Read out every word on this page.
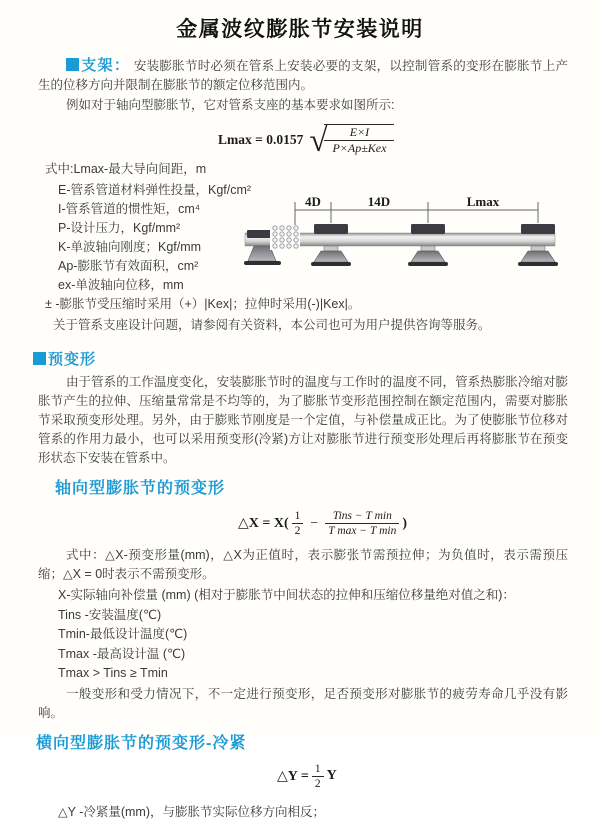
金属波纹膨胀节安装说明

支架： 安装膨胀节时必须在管系上安装必要的支架，以控制管系的变形在膨胀节上产生的位移方向并限制在膨胀节的额定位移范围内。

例如对于轴向型膨胀节，它对管系支座的基本要求如图所示:

Lmax = 0.0157 √
$\frac{E\times I}{\text{P×Ap±Kex}}$
式中:Lmax-最大导向间距，m
E-管系管道材料弹性投量，Kgf/cm²
I-管系管道的惯性矩，cm⁴
P-设计压力，Kgf/mm²
K-单波轴向刚度；Kgf/mm
Ap-膨胀节有效面积，cm²
ex-单波轴向位移，mm
± -膨胀节受压缩时采用（+）|Kex|；拉伸时采用(-)|Kex|。

关于管系支座设计问题，请参阅有关资料，本公司也可为用户提供咨询等服务。

4D	14D	Lmax
预变形

由于管系的工作温度变化，安装膨胀节时的温度与工作时的温度不同，管系热膨胀冷缩对膨胀节产生的拉伸、压缩量常常是不均等的，为了膨胀节变形范围控制在额定范围内，需要对膨胀节采取预变形处理。另外，由于膨账节刚度是一个定值，与补偿量成正比。为了使膨胀节位移对管系的作用力最小，也可以采用预变形(冷紧)方让对膨胀节进行预变形处理后再将膨胀节在预变形状态下安装在管系中。

轴向型膨胀节的预变形
△X = $X( \frac{1}{2} - \frac{\text{Tins − T min}}{\text{T max − T min}}$ )

式中：△X-预变形量(mm)，△X为正值时，表示膨张节需预拉伸；为负值时，表示需预压缩；△X = 0时表示不需预变形。

X-实际轴向补偿量 (mm) (相对于膨胀节中间状态的拉伸和压缩位移量绝对值之和)：
Tins -安装温度(℃)
Tmin-最低设计温度(℃)
Tmax -最高设计温 (℃)
Tmax > Tins ≥ Tmin

一般变形和受力情况下，不一定进行预变形，足否预变形对膨胀节的疲劳寿命几乎没有影响。

横向型膨胀节的预变形-冷紧
△Y = $\frac{1}{2}$ Y

△Y -冷紧量(mm)，与膨胀节实际位移方向相反；
